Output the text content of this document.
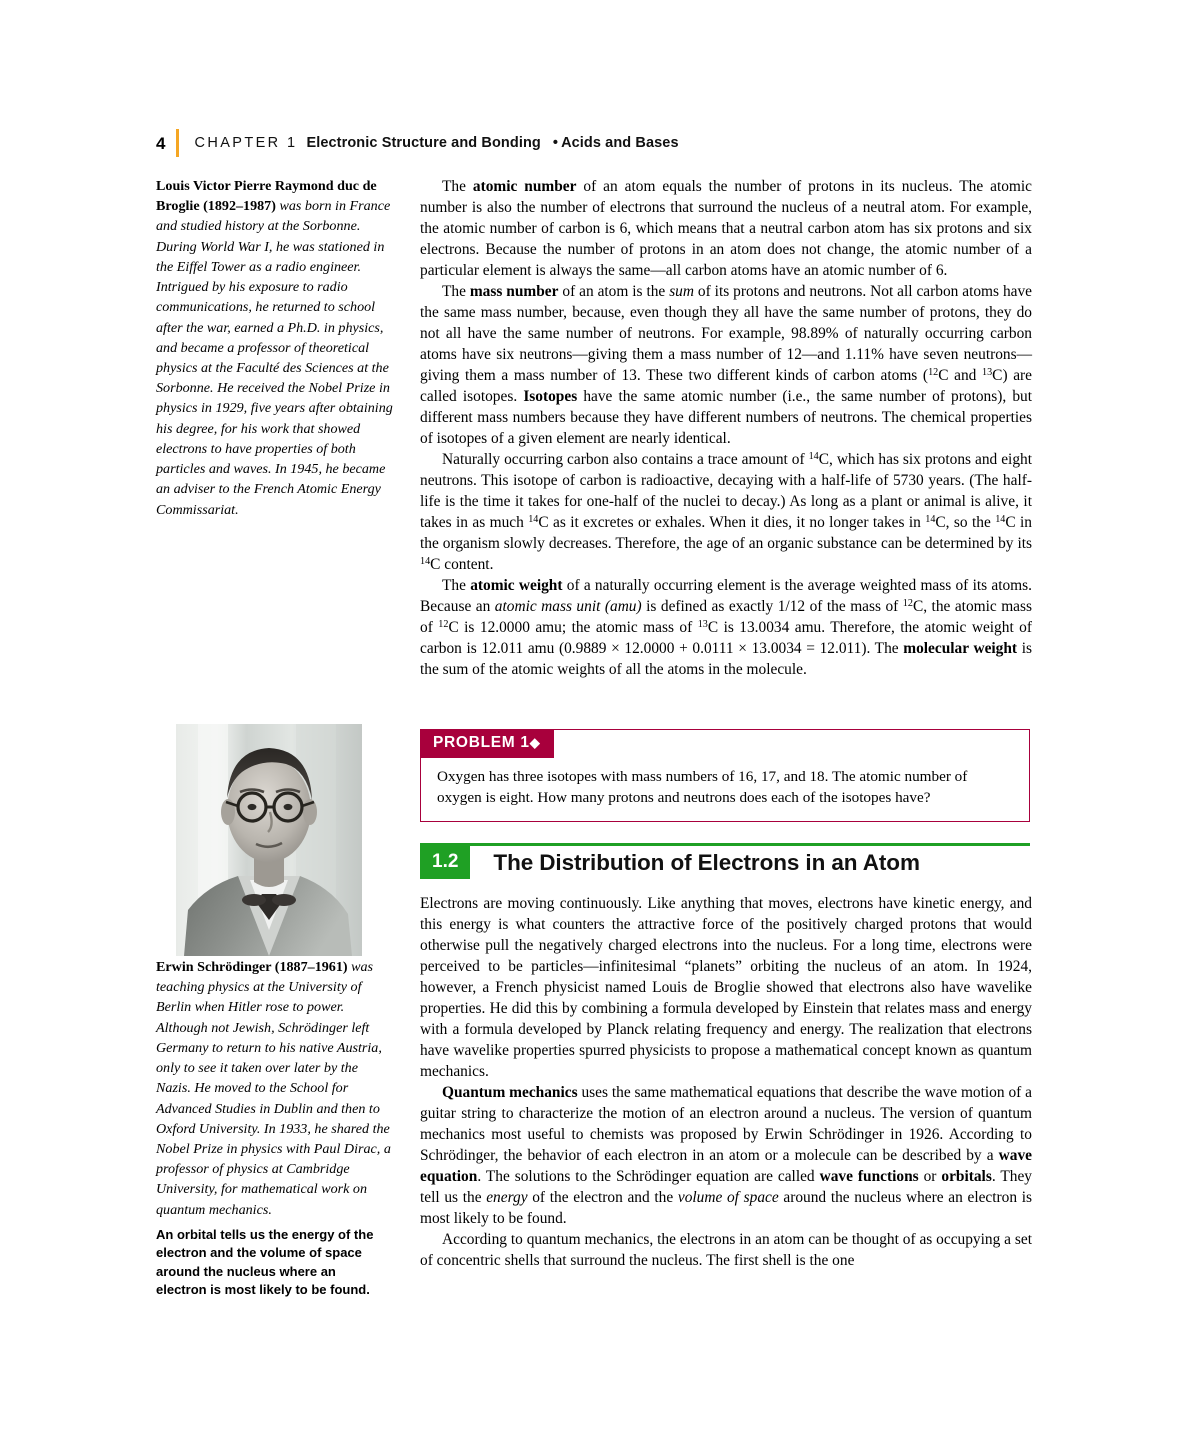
4	CHAPTER 1 Electronic Structure and Bonding • Acids and Bases

Louis Victor Pierre Raymond duc de Broglie (1892–1987) was born in France and studied history at the Sorbonne. During World War I, he was stationed in the Eiffel Tower as a radio engineer. Intrigued by his exposure to radio communications, he returned to school after the war, earned a Ph.D. in physics, and became a professor of theoretical physics at the Faculté des Sciences at the Sorbonne. He received the Nobel Prize in physics in 1929, five years after obtaining his degree, for his work that showed electrons to have properties of both particles and waves. In 1945, he became an adviser to the French Atomic Energy Commissariat.

Erwin Schrödinger (1887–1961) was teaching physics at the University of Berlin when Hitler rose to power. Although not Jewish, Schrödinger left Germany to return to his native Austria, only to see it taken over later by the Nazis. He moved to the School for Advanced Studies in Dublin and then to Oxford University. In 1933, he shared the Nobel Prize in physics with Paul Dirac, a professor of physics at Cambridge University, for mathematical work on quantum mechanics.

An orbital tells us the energy of the electron and the volume of space around the nucleus where an electron is most likely to be found.

The atomic number of an atom equals the number of protons in its nucleus. The atomic number is also the number of electrons that surround the nucleus of a neutral atom. For example, the atomic number of carbon is 6, which means that a neutral carbon atom has six protons and six electrons. Because the number of protons in an atom does not change, the atomic number of a particular element is always the same—all carbon atoms have an atomic number of 6.

The mass number of an atom is the sum of its protons and neutrons. Not all carbon atoms have the same mass number, because, even though they all have the same number of protons, they do not all have the same number of neutrons. For example, 98.89% of naturally occurring carbon atoms have six neutrons—giving them a mass number of 12—and 1.11% have seven neutrons—giving them a mass number of 13. These two different kinds of carbon atoms ($^{12}$C and $^{13}$C) are called isotopes. Isotopes have the same atomic number (i.e., the same number of protons), but different mass numbers because they have different numbers of neutrons. The chemical properties of isotopes of a given element are nearly identical.

Naturally occurring carbon also contains a trace amount of $^{14}$C, which has six protons and eight neutrons. This isotope of carbon is radioactive, decaying with a half-life of 5730 years. (The half-life is the time it takes for one-half of the nuclei to decay.) As long as a plant or animal is alive, it takes in as much $^{14}$C as it excretes or exhales. When it dies, it no longer takes in $^{14}$C, so the $^{14}$C in the organism slowly decreases. Therefore, the age of an organic substance can be determined by its $^{14}$C content.

The atomic weight of a naturally occurring element is the average weighted mass of its atoms. Because an atomic mass unit (amu) is defined as exactly 1/12 of the mass of $^{12}$C, the atomic mass of $^{12}$C is 12.0000 amu; the atomic mass of $^{13}$C is 13.0034 amu. Therefore, the atomic weight of carbon is 12.011 amu (0.9889 × 12.0000 + 0.0111 × 13.0034 = 12.011). The molecular weight is the sum of the atomic weights of all the atoms in the molecule.

PROBLEM 1◆
Oxygen has three isotopes with mass numbers of 16, 17, and 18. The atomic number of oxygen is eight. How many protons and neutrons does each of the isotopes have?
1.2	The Distribution of Electrons in an Atom

Electrons are moving continuously. Like anything that moves, electrons have kinetic energy, and this energy is what counters the attractive force of the positively charged protons that would otherwise pull the negatively charged electrons into the nucleus. For a long time, electrons were perceived to be particles—infinitesimal “planets” orbiting the nucleus of an atom. In 1924, however, a French physicist named Louis de Broglie showed that electrons also have wavelike properties. He did this by combining a formula developed by Einstein that relates mass and energy with a formula developed by Planck relating frequency and energy. The realization that electrons have wavelike properties spurred physicists to propose a mathematical concept known as quantum mechanics.

Quantum mechanics uses the same mathematical equations that describe the wave motion of a guitar string to characterize the motion of an electron around a nucleus. The version of quantum mechanics most useful to chemists was proposed by Erwin Schrödinger in 1926. According to Schrödinger, the behavior of each electron in an atom or a molecule can be described by a wave equation. The solutions to the Schrödinger equation are called wave functions or orbitals. They tell us the energy of the electron and the volume of space around the nucleus where an electron is most likely to be found.

According to quantum mechanics, the electrons in an atom can be thought of as occupying a set of concentric shells that surround the nucleus. The first shell is the one
